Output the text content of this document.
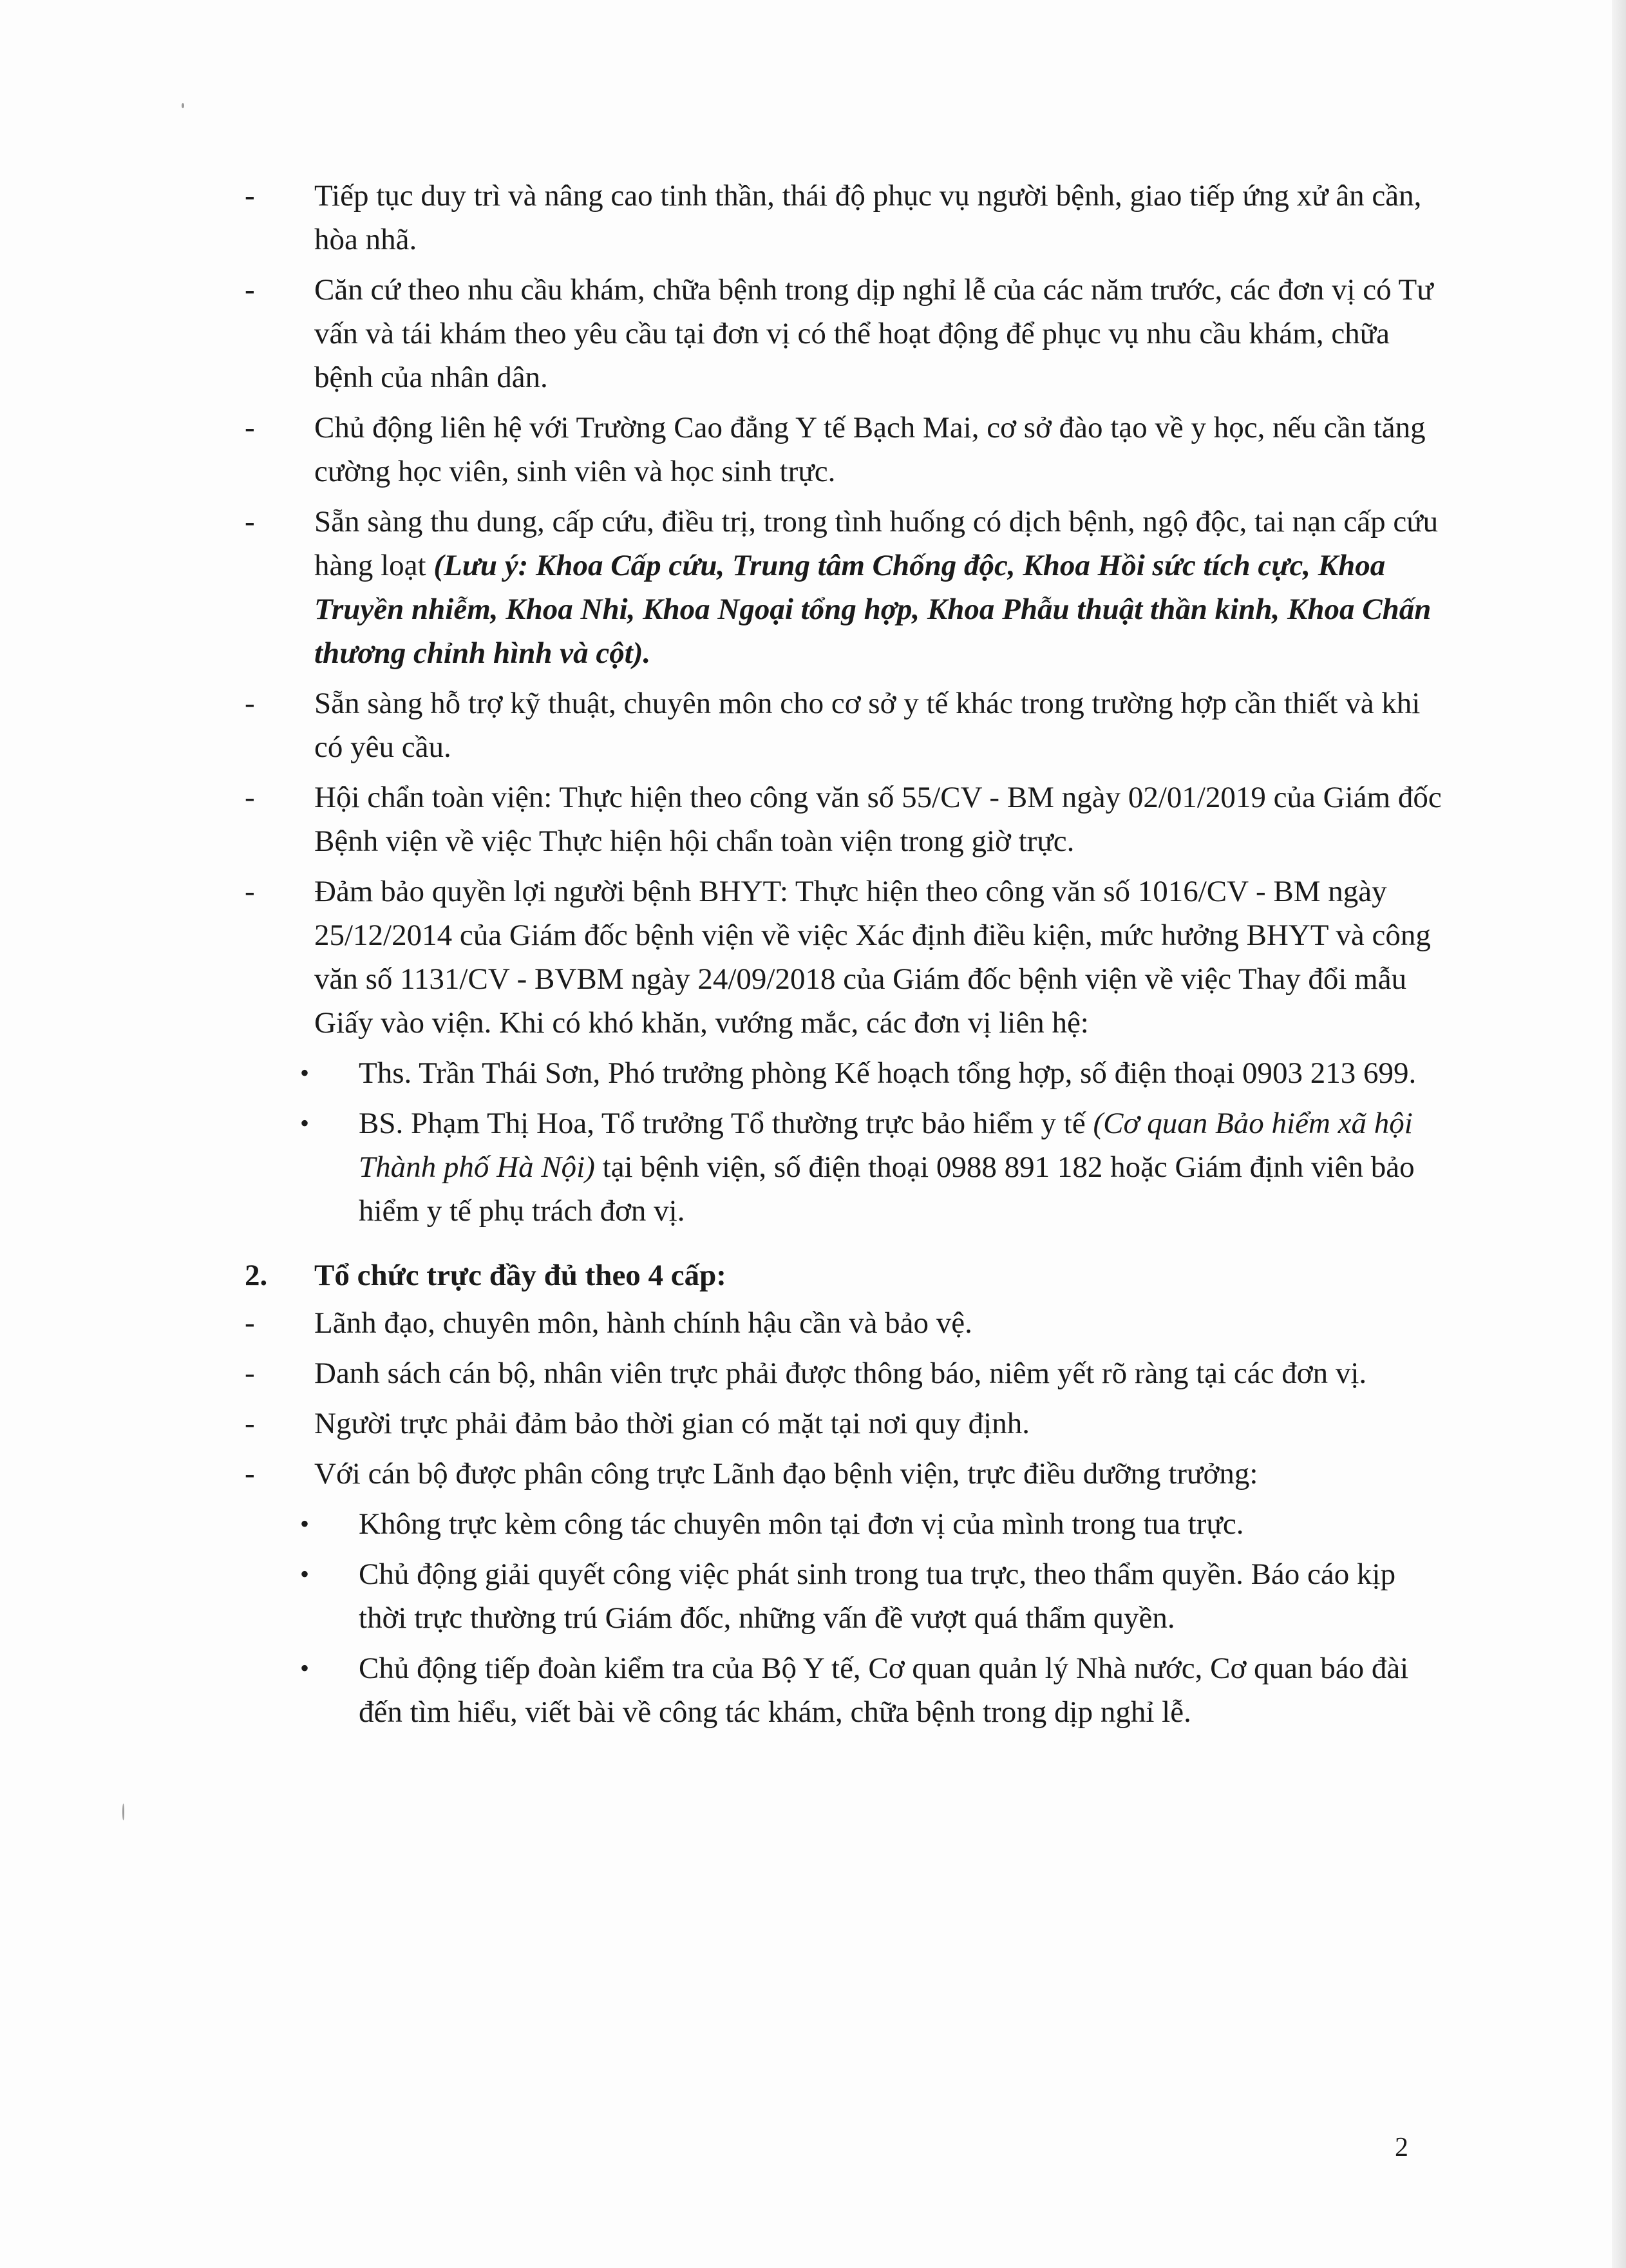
- Tiếp tục duy trì và nâng cao tinh thần, thái độ phục vụ người bệnh, giao tiếp ứng xử ân cần, hòa nhã.
- Căn cứ theo nhu cầu khám, chữa bệnh trong dịp nghỉ lễ của các năm trước, các đơn vị có Tư vấn và tái khám theo yêu cầu tại đơn vị có thể hoạt động để phục vụ nhu cầu khám, chữa bệnh của nhân dân.
- Chủ động liên hệ với Trường Cao đẳng Y tế Bạch Mai, cơ sở đào tạo về y học, nếu cần tăng cường học viên, sinh viên và học sinh trực.
- Sẵn sàng thu dung, cấp cứu, điều trị, trong tình huống có dịch bệnh, ngộ độc, tai nạn cấp cứu hàng loạt (Lưu ý: Khoa Cấp cứu, Trung tâm Chống độc, Khoa Hồi sức tích cực, Khoa Truyền nhiễm, Khoa Nhi, Khoa Ngoại tổng hợp, Khoa Phẫu thuật thần kinh, Khoa Chấn thương chỉnh hình và cột).
- Sẵn sàng hỗ trợ kỹ thuật, chuyên môn cho cơ sở y tế khác trong trường hợp cần thiết và khi có yêu cầu.
- Hội chẩn toàn viện: Thực hiện theo công văn số 55/CV - BM ngày 02/01/2019 của Giám đốc Bệnh viện về việc Thực hiện hội chẩn toàn viện trong giờ trực.
- Đảm bảo quyền lợi người bệnh BHYT: Thực hiện theo công văn số 1016/CV - BM ngày 25/12/2014 của Giám đốc bệnh viện về việc Xác định điều kiện, mức hưởng BHYT và công văn số 1131/CV - BVBM ngày 24/09/2018 của Giám đốc bệnh viện về việc Thay đổi mẫu Giấy vào viện. Khi có khó khăn, vướng mắc, các đơn vị liên hệ:
• Ths. Trần Thái Sơn, Phó trưởng phòng Kế hoạch tổng hợp, số điện thoại 0903 213 699.
• BS. Phạm Thị Hoa, Tổ trưởng Tổ thường trực bảo hiểm y tế (Cơ quan Bảo hiểm xã hội Thành phố Hà Nội) tại bệnh viện, số điện thoại 0988 891 182 hoặc Giám định viên bảo hiểm y tế phụ trách đơn vị.
2. Tổ chức trực đầy đủ theo 4 cấp:
- Lãnh đạo, chuyên môn, hành chính hậu cần và bảo vệ.
- Danh sách cán bộ, nhân viên trực phải được thông báo, niêm yết rõ ràng tại các đơn vị.
- Người trực phải đảm bảo thời gian có mặt tại nơi quy định.
- Với cán bộ được phân công trực Lãnh đạo bệnh viện, trực điều dưỡng trưởng:
• Không trực kèm công tác chuyên môn tại đơn vị của mình trong tua trực.
• Chủ động giải quyết công việc phát sinh trong tua trực, theo thẩm quyền. Báo cáo kịp thời trực thường trú Giám đốc, những vấn đề vượt quá thẩm quyền.
• Chủ động tiếp đoàn kiểm tra của Bộ Y tế, Cơ quan quản lý Nhà nước, Cơ quan báo đài đến tìm hiểu, viết bài về công tác khám, chữa bệnh trong dịp nghỉ lễ.
2
